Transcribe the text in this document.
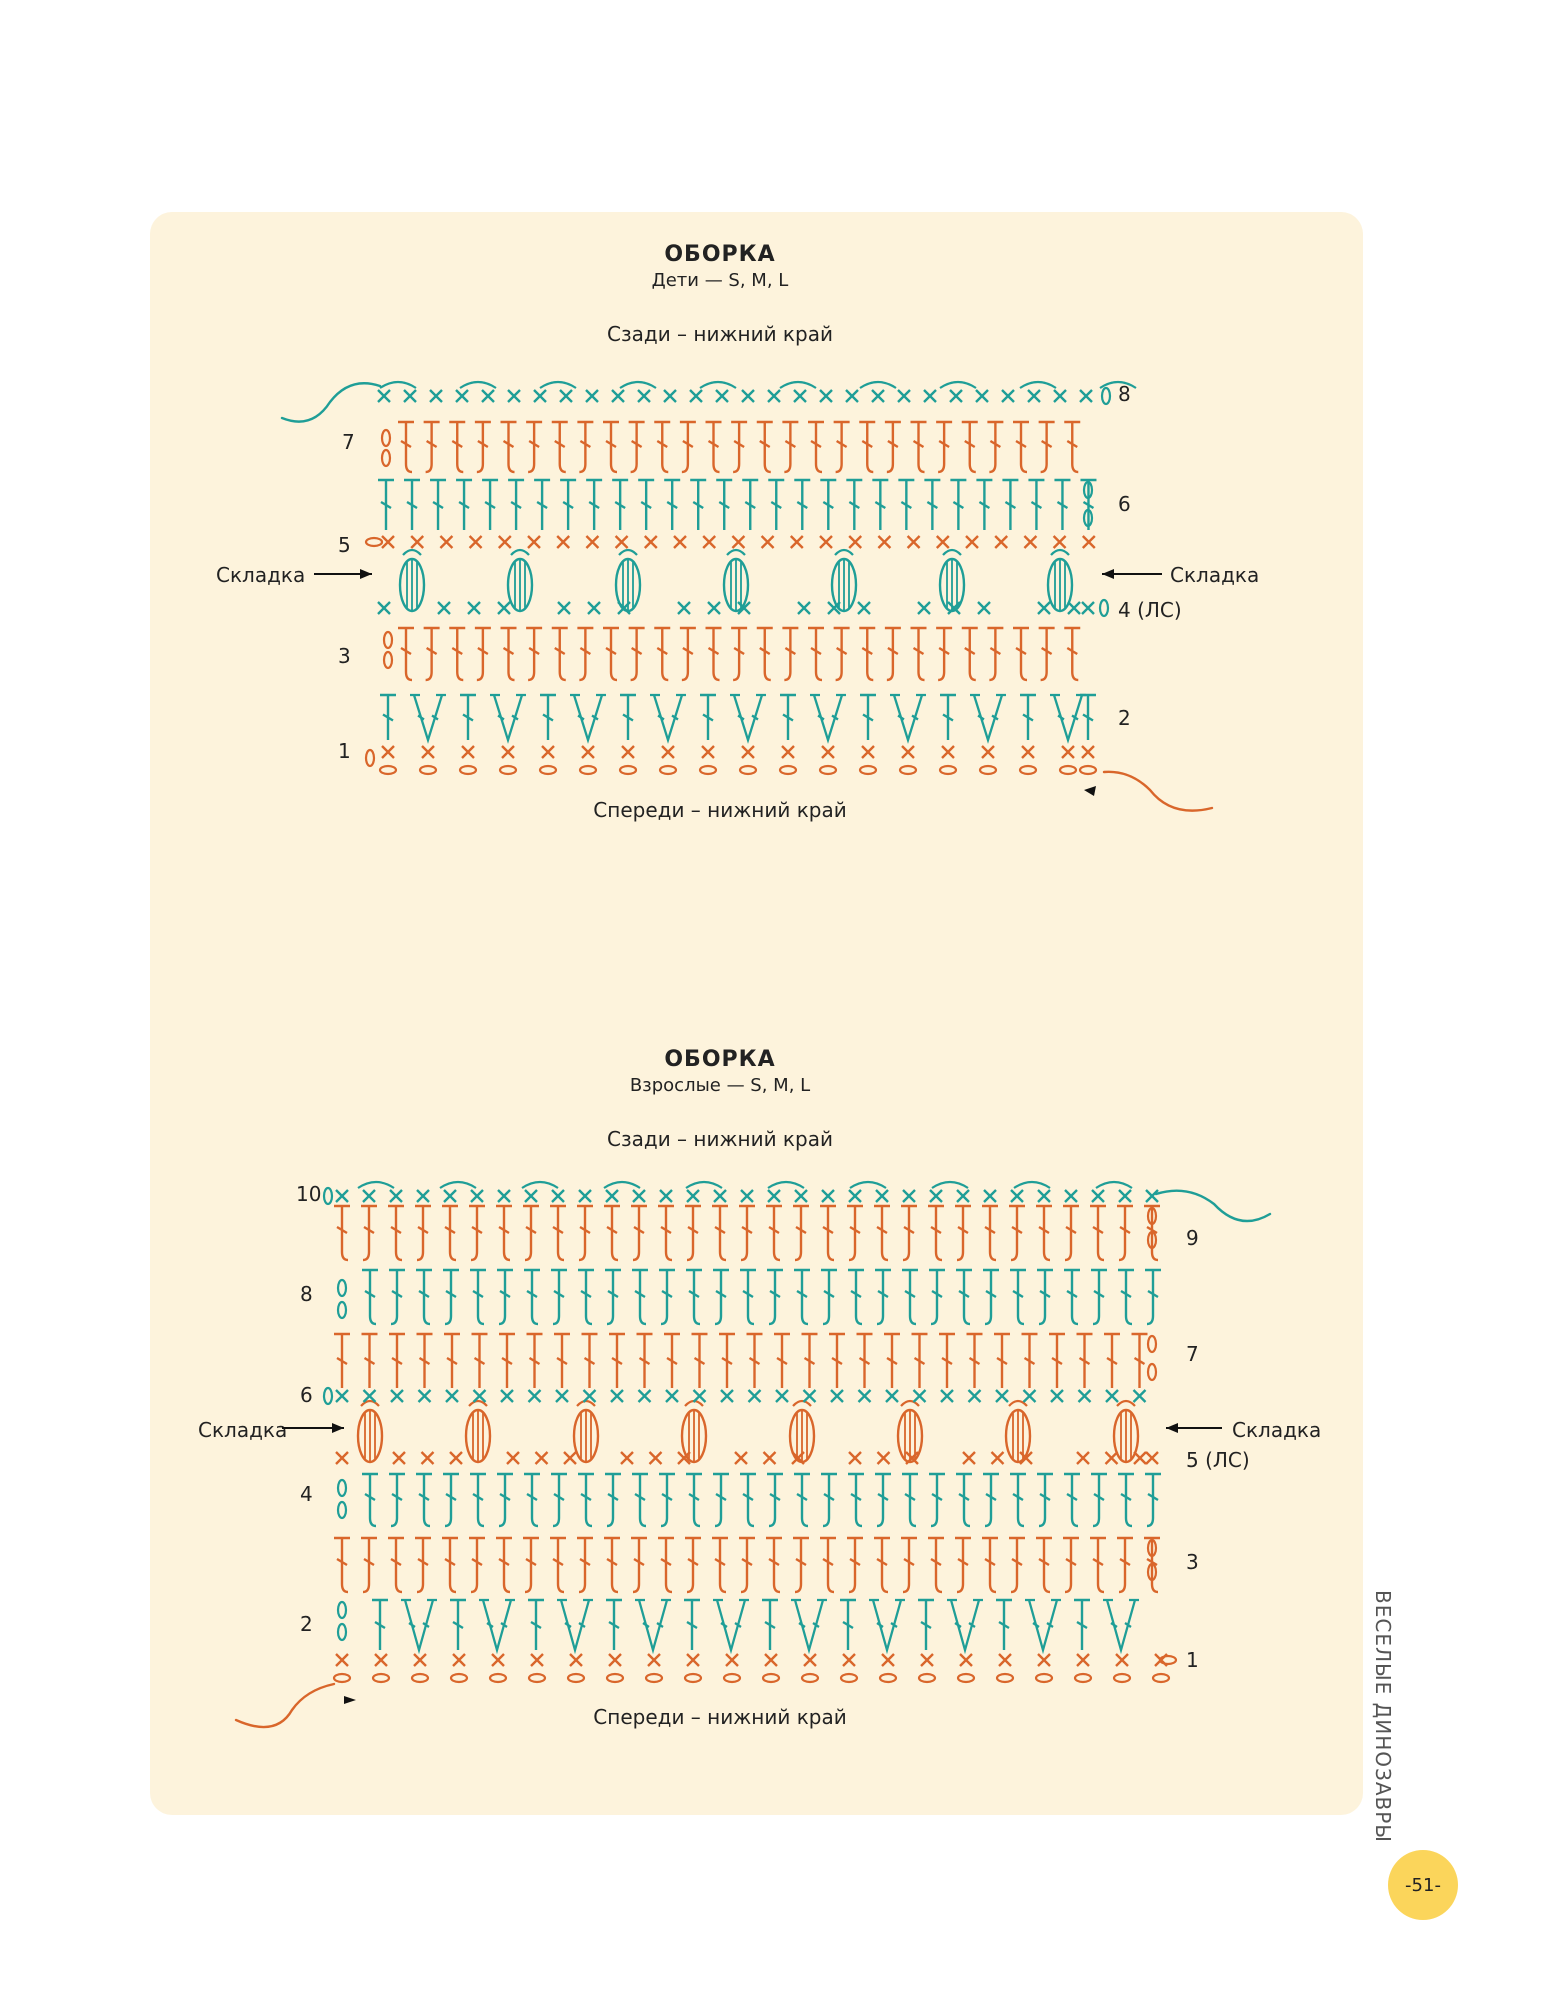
ОБОРКА
Дети — S, M, L
Сзади – нижний край
Спереди – нижний край
Складка	Складка
ОБОРКА
Взрослые — S, M, L
Сзади – нижний край
Спереди – нижний край
Складка	Складка
1
2
3
4 (ЛС)
5
6
7
8
1
2
3
4
5 (ЛС)
6
7
8
9
10
ВЕСЕЛЫЕ ДИНОЗАВРЫ
-51-
